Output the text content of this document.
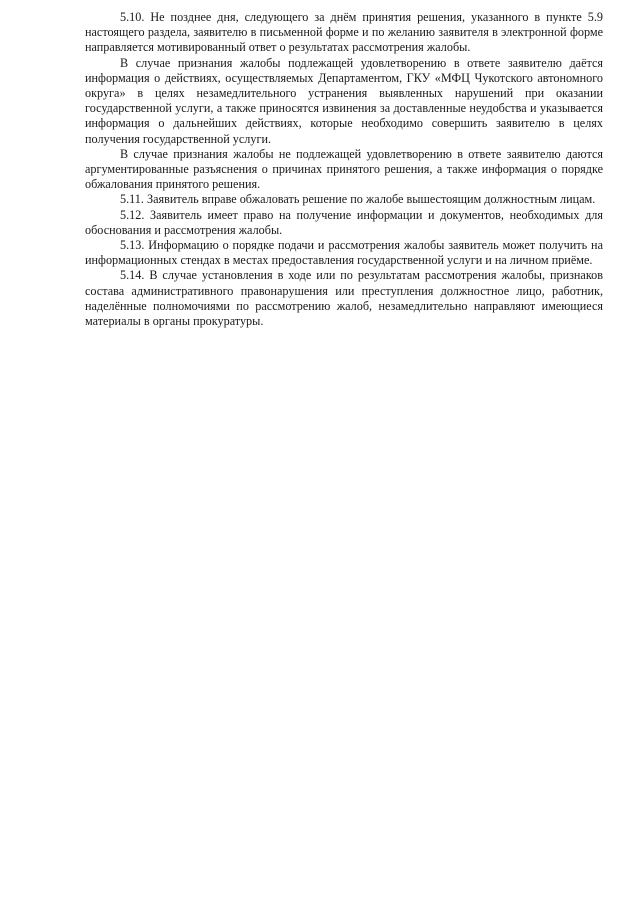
5.10. Не позднее дня, следующего за днём принятия решения, указанного в пункте 5.9 настоящего раздела, заявителю в письменной форме и по желанию заявителя в электронной форме направляется мотивированный ответ о результатах рассмотрения жалобы.

В случае признания жалобы подлежащей удовлетворению в ответе заявителю даётся информация о действиях, осуществляемых Департаментом, ГКУ «МФЦ Чукотского автономного округа» в целях незамедлительного устранения выявленных нарушений при оказании государственной услуги, а также приносятся извинения за доставленные неудобства и указывается информация о дальнейших действиях, которые необходимо совершить заявителю в целях получения государственной услуги.

В случае признания жалобы не подлежащей удовлетворению в ответе заявителю даются аргументированные разъяснения о причинах принятого решения, а также информация о порядке обжалования принятого решения.

5.11. Заявитель вправе обжаловать решение по жалобе вышестоящим должностным лицам.

5.12. Заявитель имеет право на получение информации и документов, необходимых для обоснования и рассмотрения жалобы.

5.13. Информацию о порядке подачи и рассмотрения жалобы заявитель может получить на информационных стендах в местах предоставления государственной услуги и на личном приёме.

5.14. В случае установления в ходе или по результатам рассмотрения жалобы, признаков состава административного правонарушения или преступления должностное лицо, работник, наделённые полномочиями по рассмотрению жалоб, незамедлительно направляют имеющиеся материалы в органы прокуратуры.
